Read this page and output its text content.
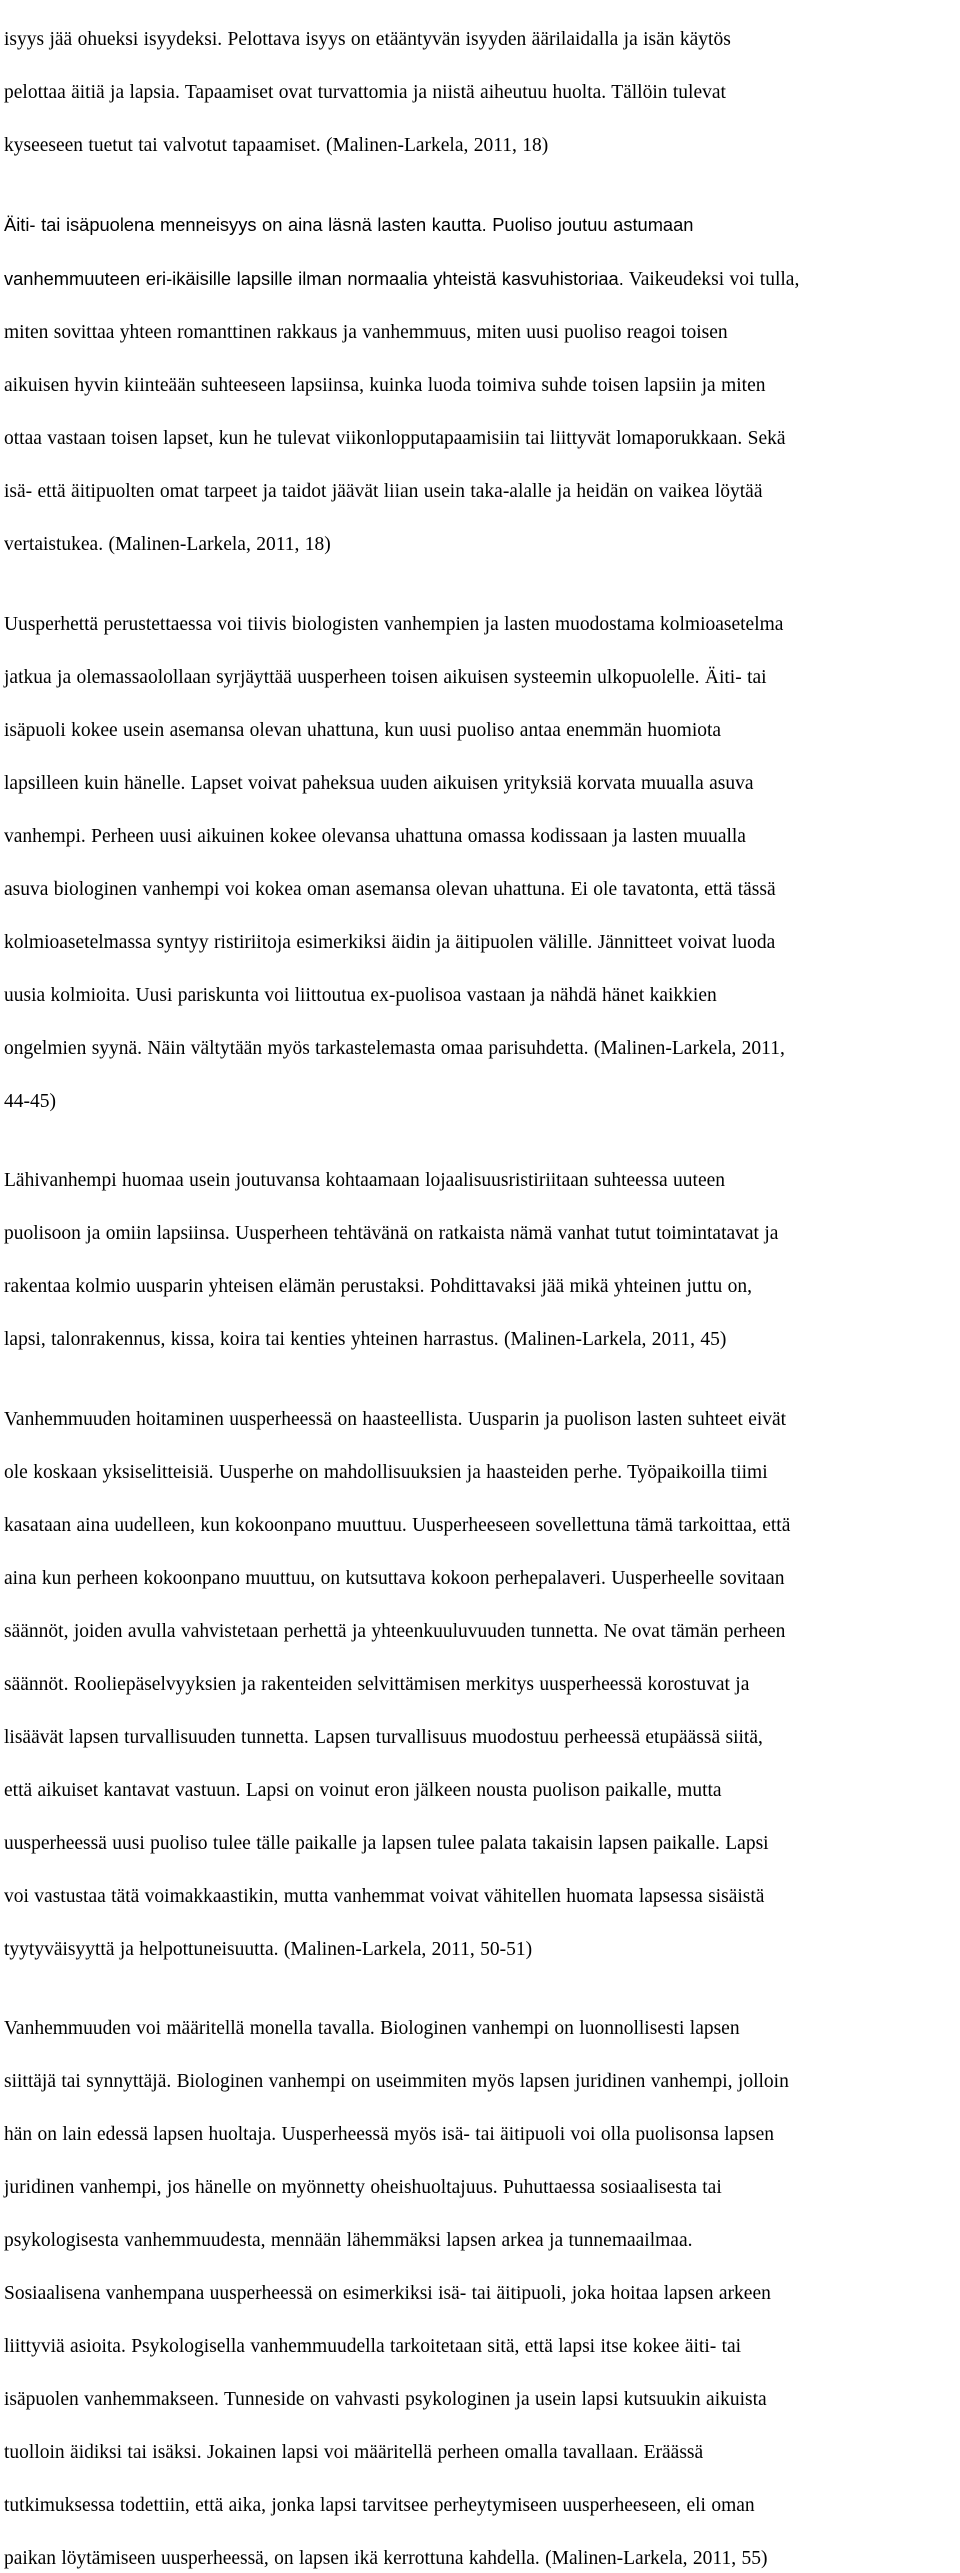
isyys jää ohueksi isyydeksi. Pelottava isyys on etääntyvän isyyden äärilaidalla ja isän käytös

pelottaa äitiä ja lapsia. Tapaamiset ovat turvattomia ja niistä aiheutuu huolta. Tällöin tulevat

kyseeseen tuetut tai valvotut tapaamiset. (Malinen-Larkela, 2011, 18)

Äiti- tai isäpuolena menneisyys on aina läsnä lasten kautta. Puoliso joutuu astumaan

vanhemmuuteen eri-ikäisille lapsille ilman normaalia yhteistä kasvuhistoriaa. Vaikeudeksi voi tulla,

miten sovittaa yhteen romanttinen rakkaus ja vanhemmuus, miten uusi puoliso reagoi toisen

aikuisen hyvin kiinteään suhteeseen lapsiinsa, kuinka luoda toimiva suhde toisen lapsiin ja miten

ottaa vastaan toisen lapset, kun he tulevat viikonlopputapaamisiin tai liittyvät lomaporukkaan. Sekä

isä- että äitipuolten omat tarpeet ja taidot jäävät liian usein taka-alalle ja heidän on vaikea löytää

vertaistukea. (Malinen-Larkela, 2011, 18)

Uusperhettä perustettaessa voi tiivis biologisten vanhempien ja lasten muodostama kolmioasetelma

jatkua ja olemassaolollaan syrjäyttää uusperheen toisen aikuisen systeemin ulkopuolelle. Äiti- tai

isäpuoli kokee usein asemansa olevan uhattuna, kun uusi puoliso antaa enemmän huomiota

lapsilleen kuin hänelle. Lapset voivat paheksua uuden aikuisen yrityksiä korvata muualla asuva

vanhempi. Perheen uusi aikuinen kokee olevansa uhattuna omassa kodissaan ja lasten muualla

asuva biologinen vanhempi voi kokea oman asemansa olevan uhattuna. Ei ole tavatonta, että tässä

kolmioasetelmassa syntyy ristiriitoja esimerkiksi äidin ja äitipuolen välille. Jännitteet voivat luoda

uusia kolmioita. Uusi pariskunta voi liittoutua ex-puolisoa vastaan ja nähdä hänet kaikkien

ongelmien syynä. Näin vältytään myös tarkastelemasta omaa parisuhdetta. (Malinen-Larkela, 2011,

44-45)

Lähivanhempi huomaa usein joutuvansa kohtaamaan lojaalisuusristiriitaan suhteessa uuteen

puolisoon ja omiin lapsiinsa. Uusperheen tehtävänä on ratkaista nämä vanhat tutut toimintatavat ja

rakentaa kolmio uusparin yhteisen elämän perustaksi. Pohdittavaksi jää mikä yhteinen juttu on,

lapsi, talonrakennus, kissa, koira tai kenties yhteinen harrastus. (Malinen-Larkela, 2011, 45)

Vanhemmuuden hoitaminen uusperheessä on haasteellista. Uusparin ja puolison lasten suhteet eivät

ole koskaan yksiselitteisiä. Uusperhe on mahdollisuuksien ja haasteiden perhe. Työpaikoilla tiimi

kasataan aina uudelleen, kun kokoonpano muuttuu. Uusperheeseen sovellettuna tämä tarkoittaa, että

aina kun perheen kokoonpano muuttuu, on kutsuttava kokoon perhepalaveri. Uusperheelle sovitaan

säännöt, joiden avulla vahvistetaan perhettä ja yhteenkuuluvuuden tunnetta. Ne ovat tämän perheen

säännöt. Rooliepäselvyyksien ja rakenteiden selvittämisen merkitys uusperheessä korostuvat ja

lisäävät lapsen turvallisuuden tunnetta. Lapsen turvallisuus muodostuu perheessä etupäässä siitä,

että aikuiset kantavat vastuun. Lapsi on voinut eron jälkeen nousta puolison paikalle, mutta

uusperheessä uusi puoliso tulee tälle paikalle ja lapsen tulee palata takaisin lapsen paikalle. Lapsi

voi vastustaa tätä voimakkaastikin, mutta vanhemmat voivat vähitellen huomata lapsessa sisäistä

tyytyväisyyttä ja helpottuneisuutta. (Malinen-Larkela, 2011, 50-51)

Vanhemmuuden voi määritellä monella tavalla. Biologinen vanhempi on luonnollisesti lapsen

siittäjä tai synnyttäjä. Biologinen vanhempi on useimmiten myös lapsen juridinen vanhempi, jolloin

hän on lain edessä lapsen huoltaja. Uusperheessä myös isä- tai äitipuoli voi olla puolisonsa lapsen

juridinen vanhempi, jos hänelle on myönnetty oheishuoltajuus. Puhuttaessa sosiaalisesta tai

psykologisesta vanhemmuudesta, mennään lähemmäksi lapsen arkea ja tunnemaailmaa.

Sosiaalisena vanhempana uusperheessä on esimerkiksi isä- tai äitipuoli, joka hoitaa lapsen arkeen

liittyviä asioita. Psykologisella vanhemmuudella tarkoitetaan sitä, että lapsi itse kokee äiti- tai

isäpuolen vanhemmakseen. Tunneside on vahvasti psykologinen ja usein lapsi kutsuukin aikuista

tuolloin äidiksi tai isäksi. Jokainen lapsi voi määritellä perheen omalla tavallaan. Eräässä

tutkimuksessa todettiin, että aika, jonka lapsi tarvitsee perheytymiseen uusperheeseen, eli oman

paikan löytämiseen uusperheessä, on lapsen ikä kerrottuna kahdella. (Malinen-Larkela, 2011, 55)
